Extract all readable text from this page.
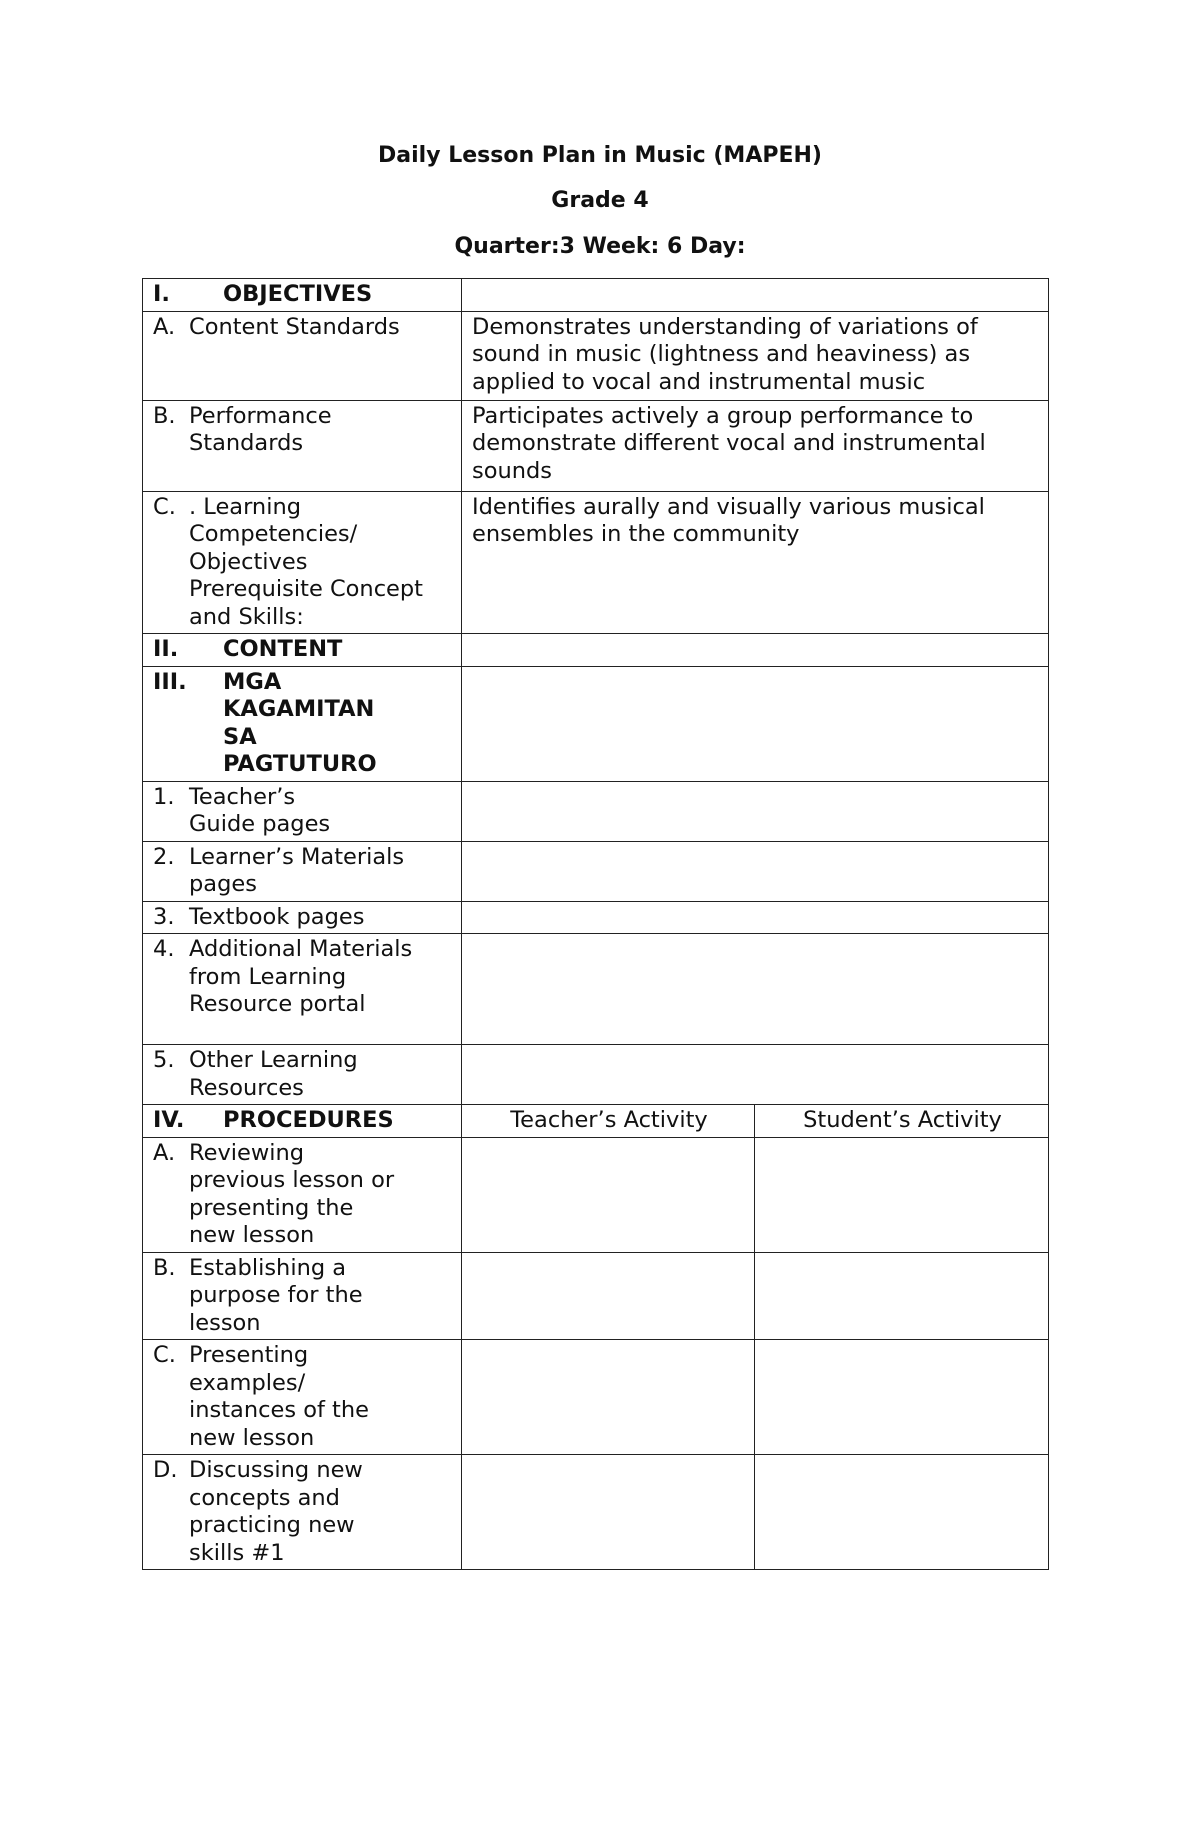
Daily Lesson Plan in Music (MAPEH)
Grade 4
Quarter:3 Week: 6 Day:
I. OBJECTIVES		
A. Content Standards	Demonstrates understanding of variations of sound in music (lightness and heaviness) as applied to vocal and instrumental music	
B. Performance Standards	Participates actively a group performance to demonstrate different vocal and instrumental sounds	
C. . Learning Competencies/ Objectives Prerequisite Concept and Skills:	Identifies aurally and visually various musical ensembles in the community	
II. CONTENT		
III. MGA KAGAMITAN SA PAGTUTURO		
1. Teacher’s Guide pages		
2. Learner’s Materials pages		
3. Textbook pages		
4.Additional Materials from Learning Resource portal		
5. Other Learning Resources		
IV. PROCEDURES	Teacher’s Activity	Student’s Activity
A. Reviewing previous lesson or presenting the new lesson		
B. Establishing a purpose for the lesson		
C.Presenting examples/ instances of the new lesson		
D. Discussing new concepts and practicing new skills #1		
